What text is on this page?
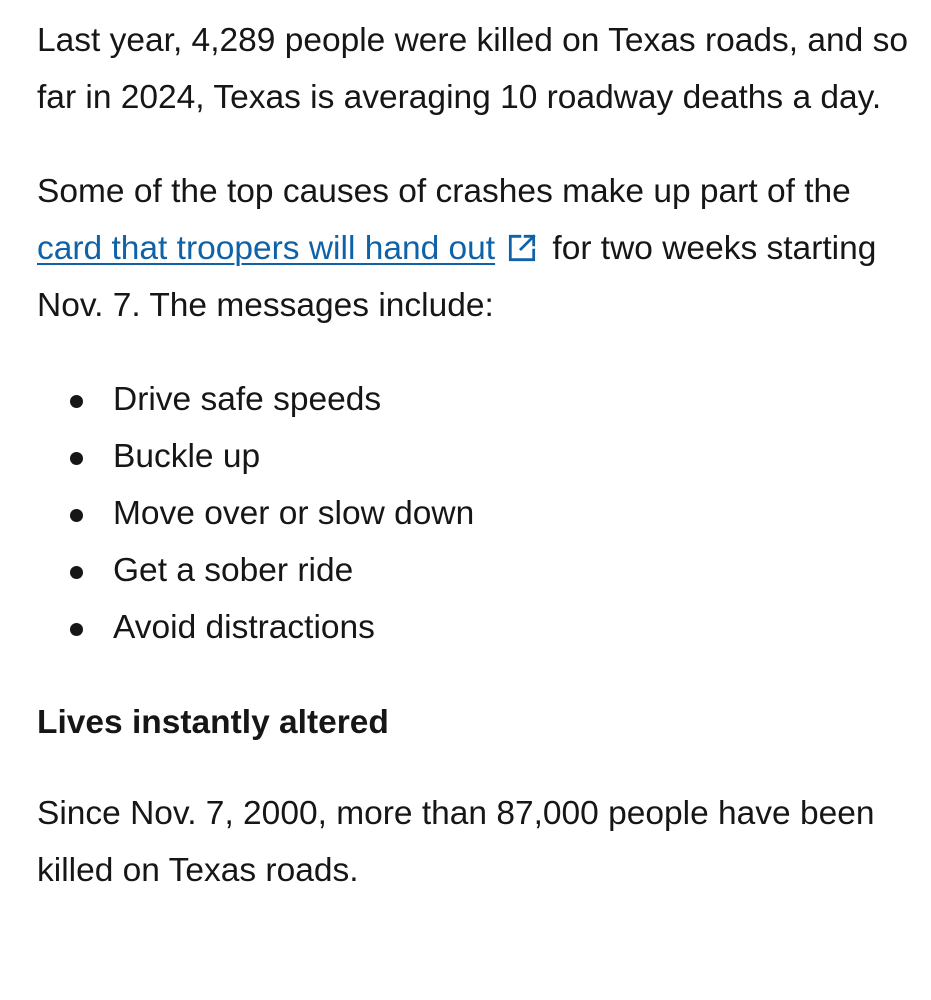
Last year, 4,289 people were killed on Texas roads, and so far in 2024, Texas is averaging 10 roadway deaths a day.

Some of the top causes of crashes make up part of the card that troopers will hand out
for two weeks starting Nov. 7. The messages include:

Drive safe speeds
Buckle up
Move over or slow down
Get a sober ride
Avoid distractions
Lives instantly altered

Since Nov. 7, 2000, more than 87,000 people have been killed on Texas roads.
